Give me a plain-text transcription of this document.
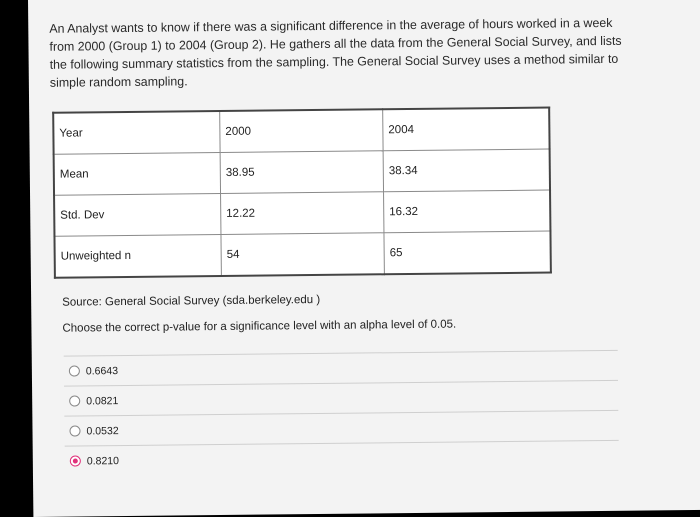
An Analyst wants to know if there was a significant difference in the average of hours worked in a week from 2000 (Group 1) to 2004 (Group 2). He gathers all the data from the General Social Survey, and lists the following summary statistics from the sampling. The General Social Survey uses a method similar to simple random sampling.
Year	2000	2004
Mean	38.95	38.34
Std. Dev	12.22	16.32
Unweighted n	54	65
Source: General Social Survey (sda.berkeley.edu )
Choose the correct p-value for a significance level with an alpha level of 0.05.
0.6643
0.0821
0.0532
0.8210
